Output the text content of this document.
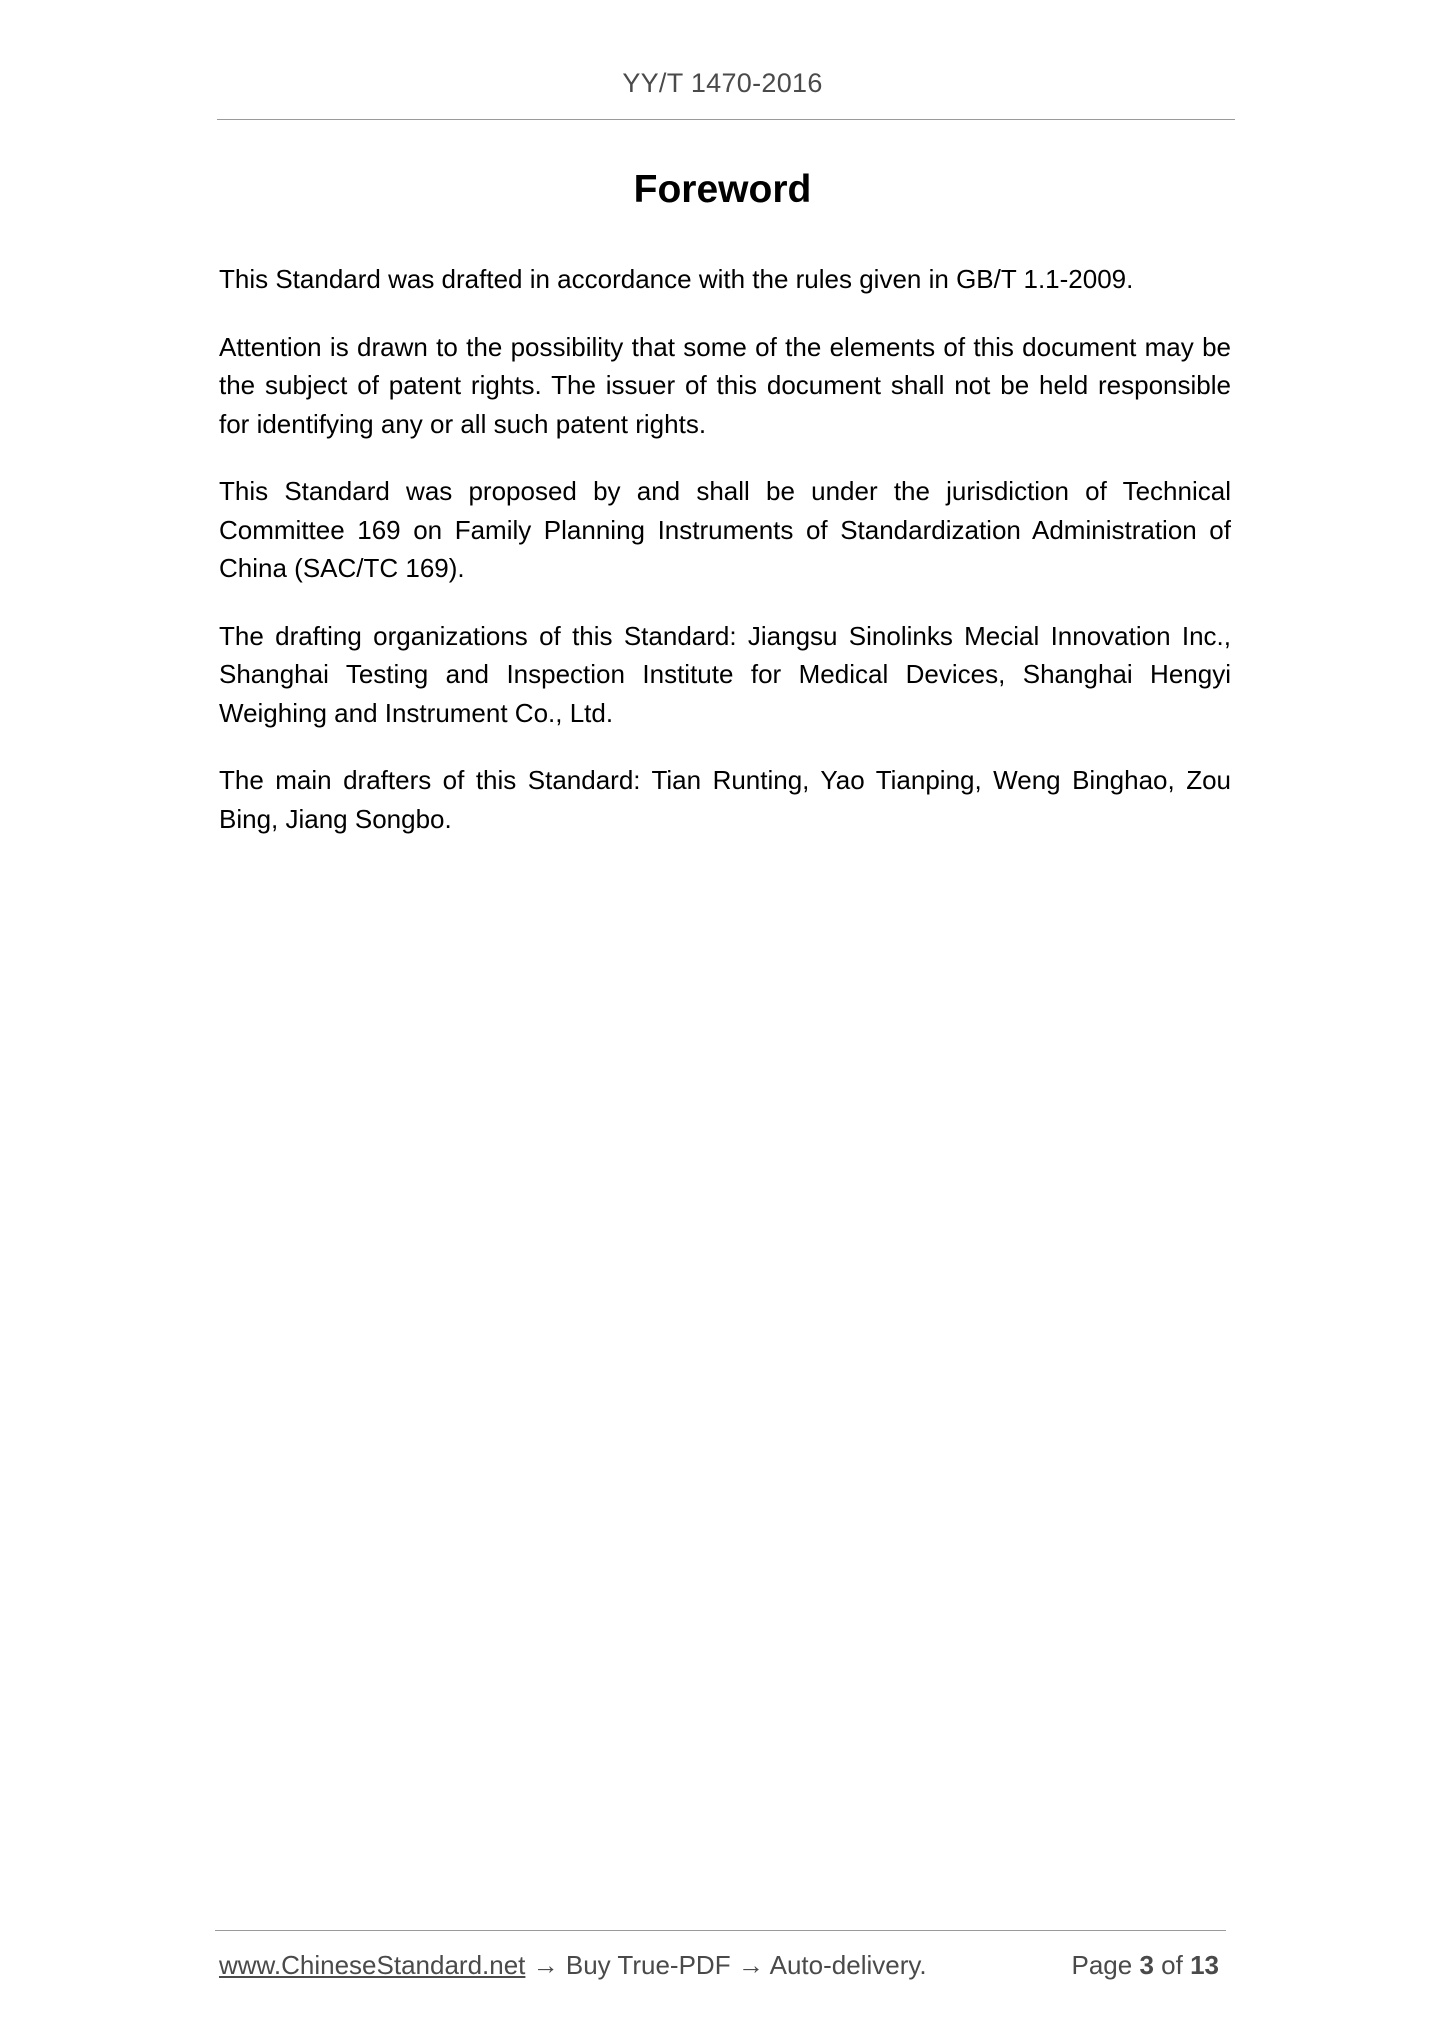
YY/T 1470-2016
Foreword

This Standard was drafted in accordance with the rules given in GB/T 1.1-2009.

Attention is drawn to the possibility that some of the elements of this document may be the subject of patent rights. The issuer of this document shall not be held responsible for identifying any or all such patent rights.

This Standard was proposed by and shall be under the jurisdiction of Technical Committee 169 on Family Planning Instruments of Standardization Administration of China (SAC/TC 169).

The drafting organizations of this Standard: Jiangsu Sinolinks Mecial Innovation Inc., Shanghai Testing and Inspection Institute for Medical Devices, Shanghai Hengyi Weighing and Instrument Co., Ltd.

The main drafters of this Standard: Tian Runting, Yao Tianping, Weng Binghao, Zou Bing, Jiang Songbo.

www.ChineseStandard.net → Buy True-PDF → Auto-delivery.	Page 3 of 13
